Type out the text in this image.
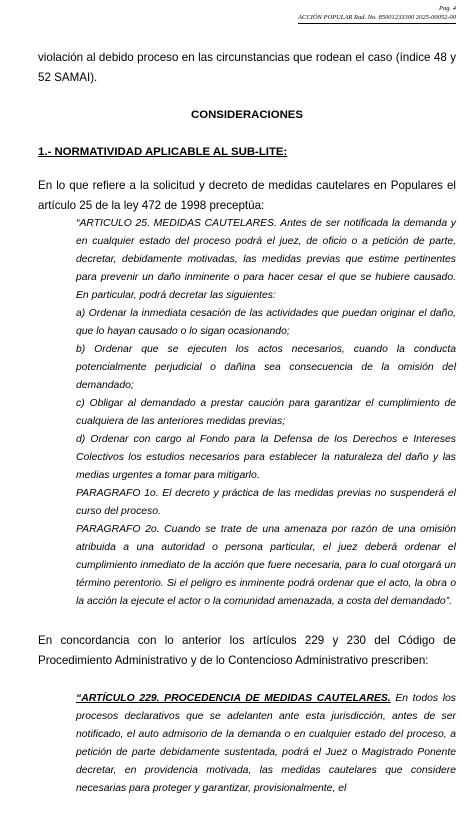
Pag. 4
ACCIÓN POPULAR Rad. No. 85001233300 2025-00052-00

violación al debido proceso en las circunstancias que rodean el caso (índice 48 y 52 SAMAI).

CONSIDERACIONES

1.- NORMATIVIDAD APLICABLE AL SUB-LITE:

En lo que refiere a la solicitud y decreto de medidas cautelares en Populares el artículo 25 de la ley 472 de 1998 preceptúa:

“ARTICULO 25. MEDIDAS CAUTELARES. Antes de ser notificada la demanda y en cualquier estado del proceso podrá el juez, de oficio o a petición de parte, decretar, debidamente motivadas, las medidas previas que estime pertinentes para prevenir un daño inminente o para hacer cesar el que se hubiere causado. En particular, podrá decretar las siguientes:

a) Ordenar la inmediata cesación de las actividades que puedan originar el daño, que lo hayan causado o lo sigan ocasionando;

b) Ordenar que se ejecuten los actos necesarios, cuando la conducta potencialmente perjudicial o dañina sea consecuencia de la omisión del demandado;

c) Obligar al demandado a prestar caución para garantizar el cumplimiento de cualquiera de las anteriores medidas previas;

d) Ordenar con cargo al Fondo para la Defensa de los Derechos e Intereses Colectivos los estudios necesarios para establecer la naturaleza del daño y las medias urgentes a tomar para mitigarlo.

PARAGRAFO 1o. El decreto y práctica de las medidas previas no suspenderá el curso del proceso.

PARAGRAFO 2o. Cuando se trate de una amenaza por razón de una omisión atribuida a una autoridad o persona particular, el juez deberá ordenar el cumplimiento inmediato de la acción que fuere necesaria, para lo cual otorgará un término perentorio. Si el peligro es inminente podrá ordenar que el acto, la obra o la acción la ejecute el actor o la comunidad amenazada, a costa del demandado”.

En concordancia con lo anterior los artículos 229 y 230 del Código de Procedimiento Administrativo y de lo Contencioso Administrativo prescriben:

“ARTÍCULO 229. PROCEDENCIA DE MEDIDAS CAUTELARES. En todos los procesos declarativos que se adelanten ante esta jurisdicción, antes de ser notificado, el auto admisorio de la demanda o en cualquier estado del proceso, a petición de parte debidamente sustentada, podrá el Juez o Magistrado Ponente decretar, en providencia motivada, las medidas cautelares que considere necesarias para proteger y garantizar, provisionalmente, el
